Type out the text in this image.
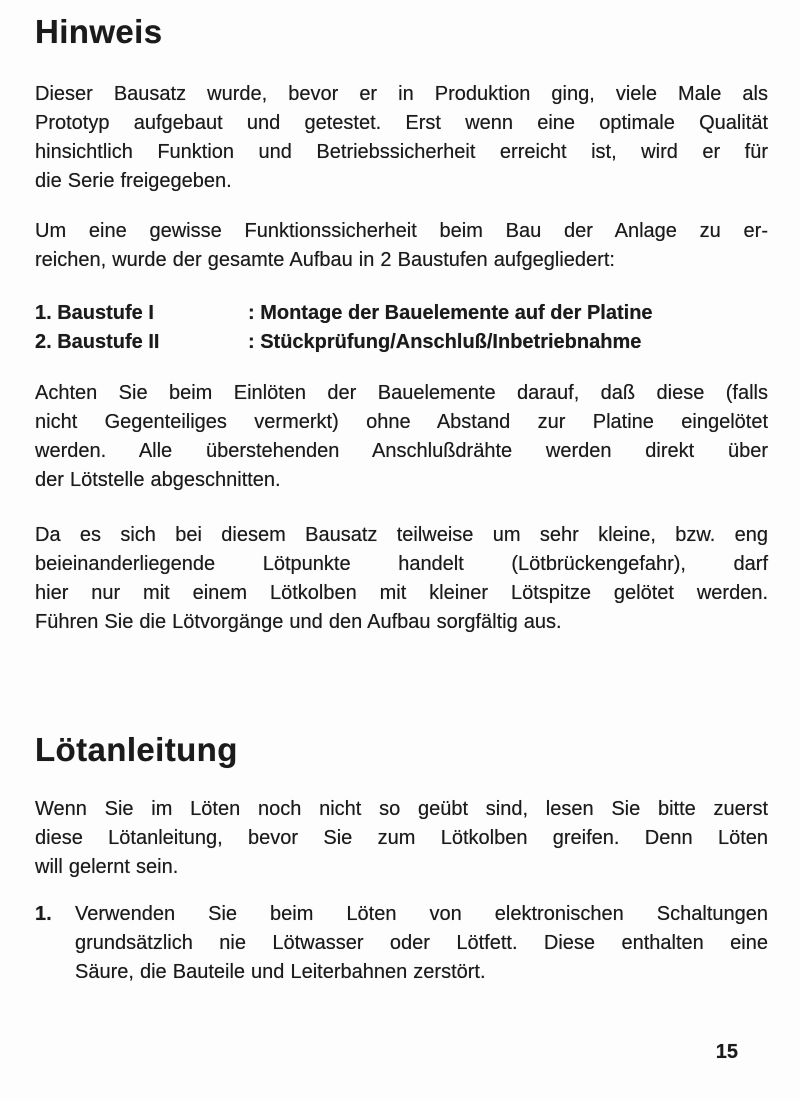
Hinweis
Dieser Bausatz wurde, bevor er in Produktion ging, viele Male als
Prototyp aufgebaut und getestet. Erst wenn eine optimale Qualität
hinsichtlich Funktion und Betriebssicherheit erreicht ist, wird er für
die Serie freigegeben.
Um eine gewisse Funktionssicherheit beim Bau der Anlage zu er-
reichen, wurde der gesamte Aufbau in 2 Baustufen aufgegliedert:
1. Baustufe I	: Montage der Bauelemente auf der Platine
2. Baustufe II	: Stückprüfung/Anschluß/Inbetriebnahme
Achten Sie beim Einlöten der Bauelemente darauf, daß diese (falls
nicht Gegenteiliges vermerkt) ohne Abstand zur Platine eingelötet
werden. Alle überstehenden Anschlußdrähte werden direkt über
der Lötstelle abgeschnitten.
Da es sich bei diesem Bausatz teilweise um sehr kleine, bzw. eng
beieinanderliegende Lötpunkte handelt (Lötbrückengefahr), darf
hier nur mit einem Lötkolben mit kleiner Lötspitze gelötet werden.
Führen Sie die Lötvorgänge und den Aufbau sorgfältig aus.
Lötanleitung
Wenn Sie im Löten noch nicht so geübt sind, lesen Sie bitte zuerst
diese Lötanleitung, bevor Sie zum Lötkolben greifen. Denn Löten
will gelernt sein.
1.	Verwenden Sie beim Löten von elektronischen Schaltungen
grundsätzlich nie Lötwasser oder Lötfett. Diese enthalten eine
Säure, die Bauteile und Leiterbahnen zerstört.
15
